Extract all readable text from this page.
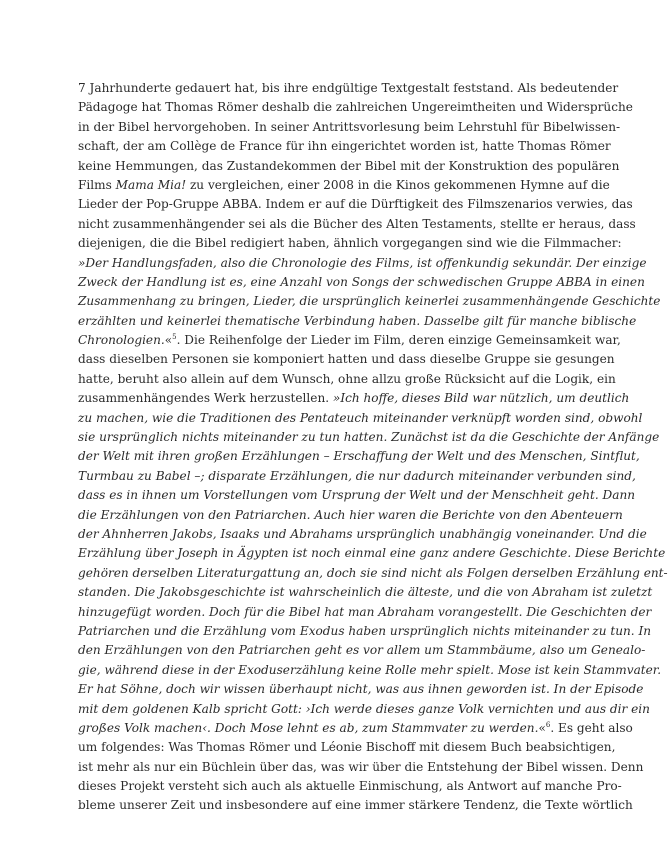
7 Jahrhunderte gedauert hat, bis ihre endgültige Textgestalt feststand. Als bedeutender
Pädagoge hat Thomas Römer deshalb die zahlreichen Ungereimtheiten und Widersprüche
in der Bibel hervorgehoben. In seiner Antrittsvorlesung beim Lehrstuhl für Bibelwissen-
schaft, der am Collège de France für ihn eingerichtet worden ist, hatte Thomas Römer
keine Hemmungen, das Zustandekommen der Bibel mit der Konstruktion des populären
Films Mama Mia! zu vergleichen, einer 2008 in die Kinos gekommenen Hymne auf die
Lieder der Pop-Gruppe ABBA. Indem er auf die Dürftigkeit des Filmszenarios verwies, das
nicht zusammenhängender sei als die Bücher des Alten Testaments, stellte er heraus, dass
diejenigen, die die Bibel redigiert haben, ähnlich vorgegangen sind wie die Filmmacher:
»Der Handlungsfaden, also die Chronologie des Films, ist offenkundig sekundär. Der einzige
Zweck der Handlung ist es, eine Anzahl von Songs der schwedischen Gruppe ABBA in einen
Zusammenhang zu bringen, Lieder, die ursprünglich keinerlei zusammenhängende Geschichte
erzählten und keinerlei thematische Verbindung haben. Dasselbe gilt für manche biblische
Chronologien.«$^5$. Die Reihenfolge der Lieder im Film, deren einzige Gemeinsamkeit war,
dass dieselben Personen sie komponiert hatten und dass dieselbe Gruppe sie gesungen
hatte, beruht also allein auf dem Wunsch, ohne allzu große Rücksicht auf die Logik, ein
zusammenhängendes Werk herzustellen. »Ich hoffe, dieses Bild war nützlich, um deutlich
zu machen, wie die Traditionen des Pentateuch miteinander verknüpft worden sind, obwohl
sie ursprünglich nichts miteinander zu tun hatten. Zunächst ist da die Geschichte der Anfänge
der Welt mit ihren großen Erzählungen – Erschaffung der Welt und des Menschen, Sintflut,
Turmbau zu Babel –; disparate Erzählungen, die nur dadurch miteinander verbunden sind,
dass es in ihnen um Vorstellungen vom Ursprung der Welt und der Menschheit geht. Dann
die Erzählungen von den Patriarchen. Auch hier waren die Berichte von den Abenteuern
der Ahnherren Jakobs, Isaaks und Abrahams ursprünglich unabhängig voneinander. Und die
Erzählung über Joseph in Ägypten ist noch einmal eine ganz andere Geschichte. Diese Berichte
gehören derselben Literaturgattung an, doch sie sind nicht als Folgen derselben Erzählung ent-
standen. Die Jakobsgeschichte ist wahrscheinlich die älteste, und die von Abraham ist zuletzt
hinzugefügt worden. Doch für die Bibel hat man Abraham vorangestellt. Die Geschichten der
Patriarchen und die Erzählung vom Exodus haben ursprünglich nichts miteinander zu tun. In
den Erzählungen von den Patriarchen geht es vor allem um Stammbäume, also um Genealo-
gie, während diese in der Exoduserzählung keine Rolle mehr spielt. Mose ist kein Stammvater.
Er hat Söhne, doch wir wissen überhaupt nicht, was aus ihnen geworden ist. In der Episode
mit dem goldenen Kalb spricht Gott: ›Ich werde dieses ganze Volk vernichten und aus dir ein
großes Volk machen‹. Doch Mose lehnt es ab, zum Stammvater zu werden.«$^6$. Es geht also
um folgendes: Was Thomas Römer und Léonie Bischoff mit diesem Buch beabsichtigen,
ist mehr als nur ein Büchlein über das, was wir über die Entstehung der Bibel wissen. Denn
dieses Projekt versteht sich auch als aktuelle Einmischung, als Antwort auf manche Pro-
bleme unserer Zeit und insbesondere auf eine immer stärkere Tendenz, die Texte wörtlich
